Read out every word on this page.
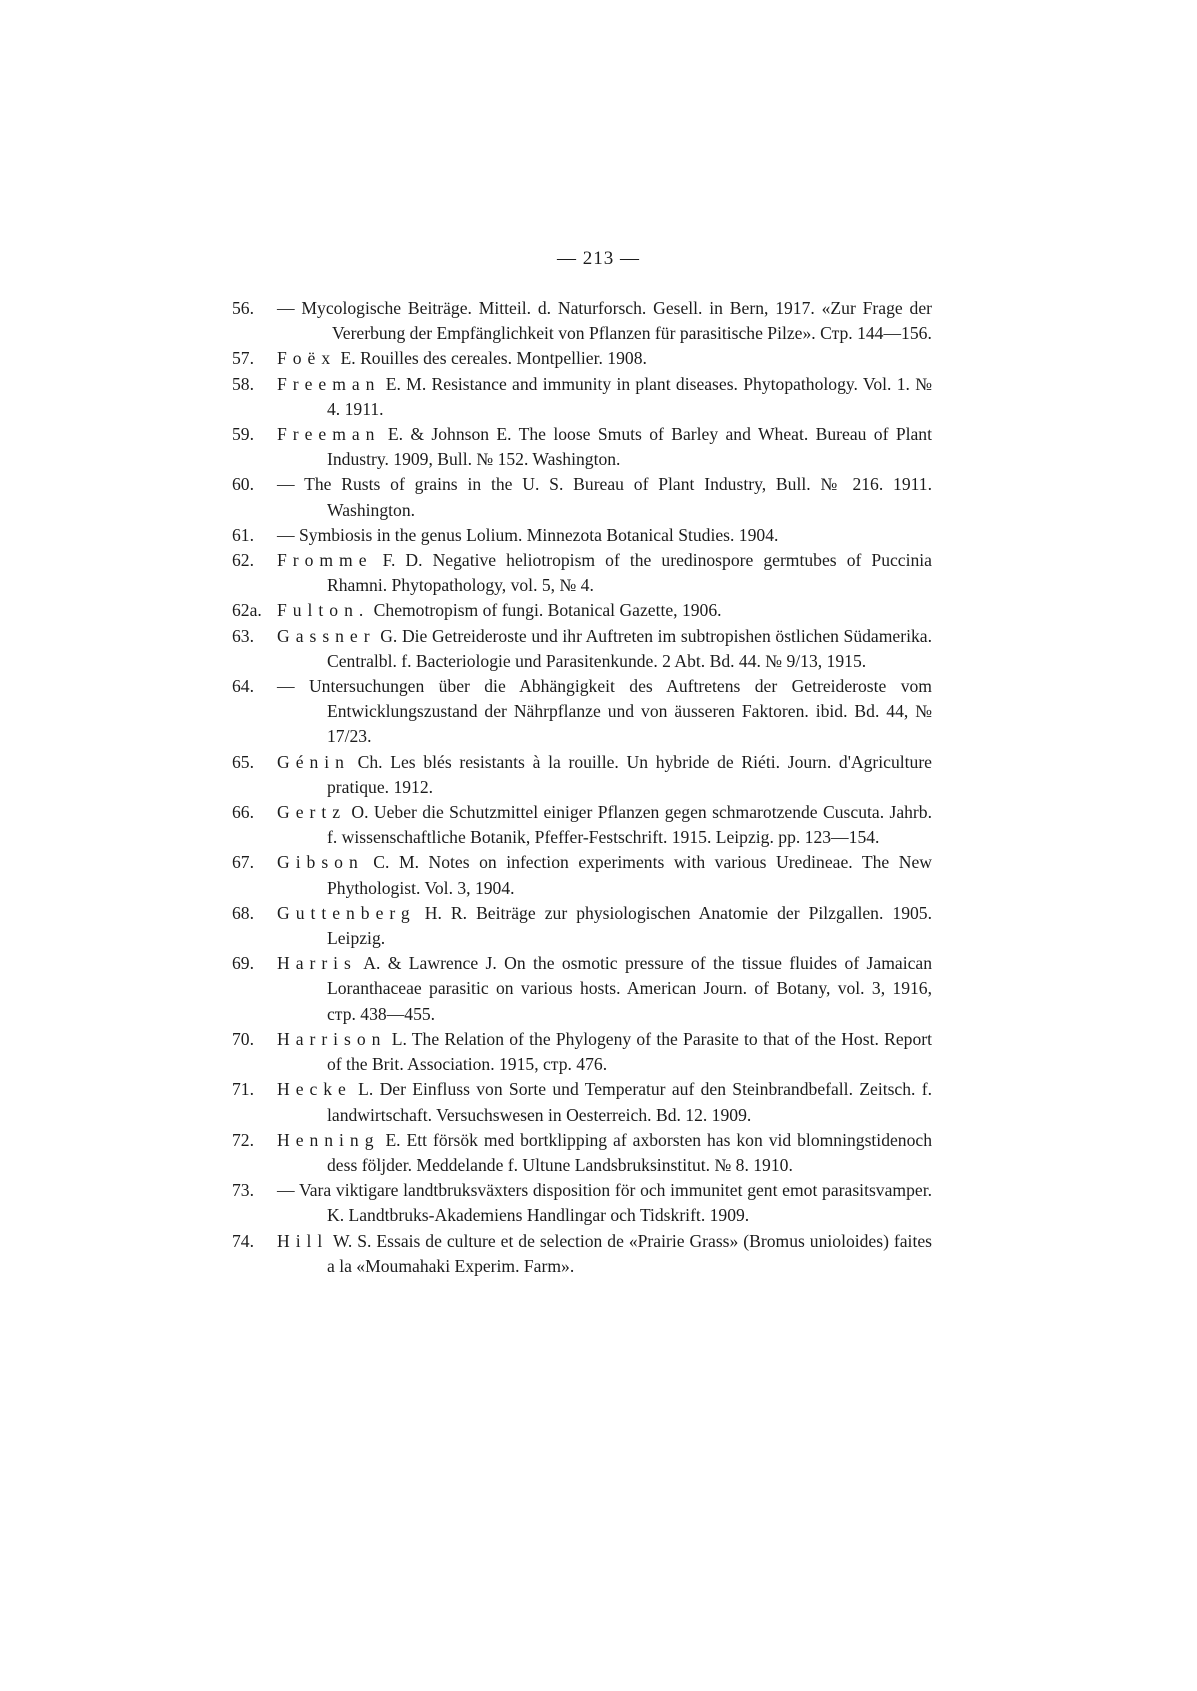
— 213 —
56.	— Mycologische Beiträge. Mitteil. d. Naturforsch. Gesell. in Bern, 1917. «Zur Frage der Vererbung der Empfänglichkeit von Pflanzen für parasitische Pilze». Стр. 144—156.
57.	Foëx E. Rouilles des cereales. Montpellier. 1908.
58.	Freeman E. M. Resistance and immunity in plant diseases. Phytopathology. Vol. 1. № 4. 1911.
59.	Freeman E. & Johnson E. The loose Smuts of Barley and Wheat. Bureau of Plant Industry. 1909, Bull. № 152. Washington.
60.	— The Rusts of grains in the U. S. Bureau of Plant Industry, Bull. № 216. 1911. Washington.
61.	— Symbiosis in the genus Lolium. Minnezota Botanical Studies. 1904.
62.	Fromme F. D. Negative heliotropism of the uredinospore germtubes of Puccinia Rhamni. Phytopathology, vol. 5, № 4.
62a. Fulton. Chemotropism of fungi. Botanical Gazette, 1906.
63.	Gassner G. Die Getreideroste und ihr Auftreten im subtropishen östlichen Südamerika. Centralbl. f. Bacteriologie und Parasitenkunde. 2 Abt. Bd. 44. № 9/13, 1915.
64.	— Untersuchungen über die Abhängigkeit des Auftretens der Getreideroste vom Entwicklungszustand der Nährpflanze und von äusseren Faktoren. ibid. Bd. 44, № 17/23.
65.	Génin Ch. Les blés resistants à la rouille. Un hybride de Riéti. Journ. d'Agriculture pratique. 1912.
66.	Gertz O. Ueber die Schutzmittel einiger Pflanzen gegen schmarotzende Cuscuta. Jahrb. f. wissenschaftliche Botanik, Pfeffer-Festschrift. 1915. Leipzig. pp. 123—154.
67.	Gibson C. M. Notes on infection experiments with various Uredineae. The New Phythologist. Vol. 3, 1904.
68.	Guttenberg H. R. Beiträge zur physiologischen Anatomie der Pilzgallen. 1905. Leipzig.
69.	Harris A. & Lawrence J. On the osmotic pressure of the tissue fluides of Jamaican Loranthaceae parasitic on various hosts. American Journ. of Botany, vol. 3, 1916, стр. 438—455.
70.	Harrison L. The Relation of the Phylogeny of the Parasite to that of the Host. Report of the Brit. Association. 1915, стр. 476.
71.	Hecke L. Der Einfluss von Sorte und Temperatur auf den Steinbrandbefall. Zeitsch. f. landwirtschaft. Versuchswesen in Oesterreich. Bd. 12. 1909.
72.	Henning E. Ett försök med bortklipping af axborsten has kon vid blomningstidenoch dess följder. Meddelande f. Ultune Landsbruksinstitut. № 8. 1910.
73.	— Vara viktigare landtbruksväxters disposition för och immunitet gent emot parasitsvamper. K. Landtbruks-Akademiens Handlingar och Tidskrift. 1909.
74.	Hill W. S. Essais de culture et de selection de «Prairie Grass» (Bromus unioloides) faites a la «Moumahaki Experim. Farm».
